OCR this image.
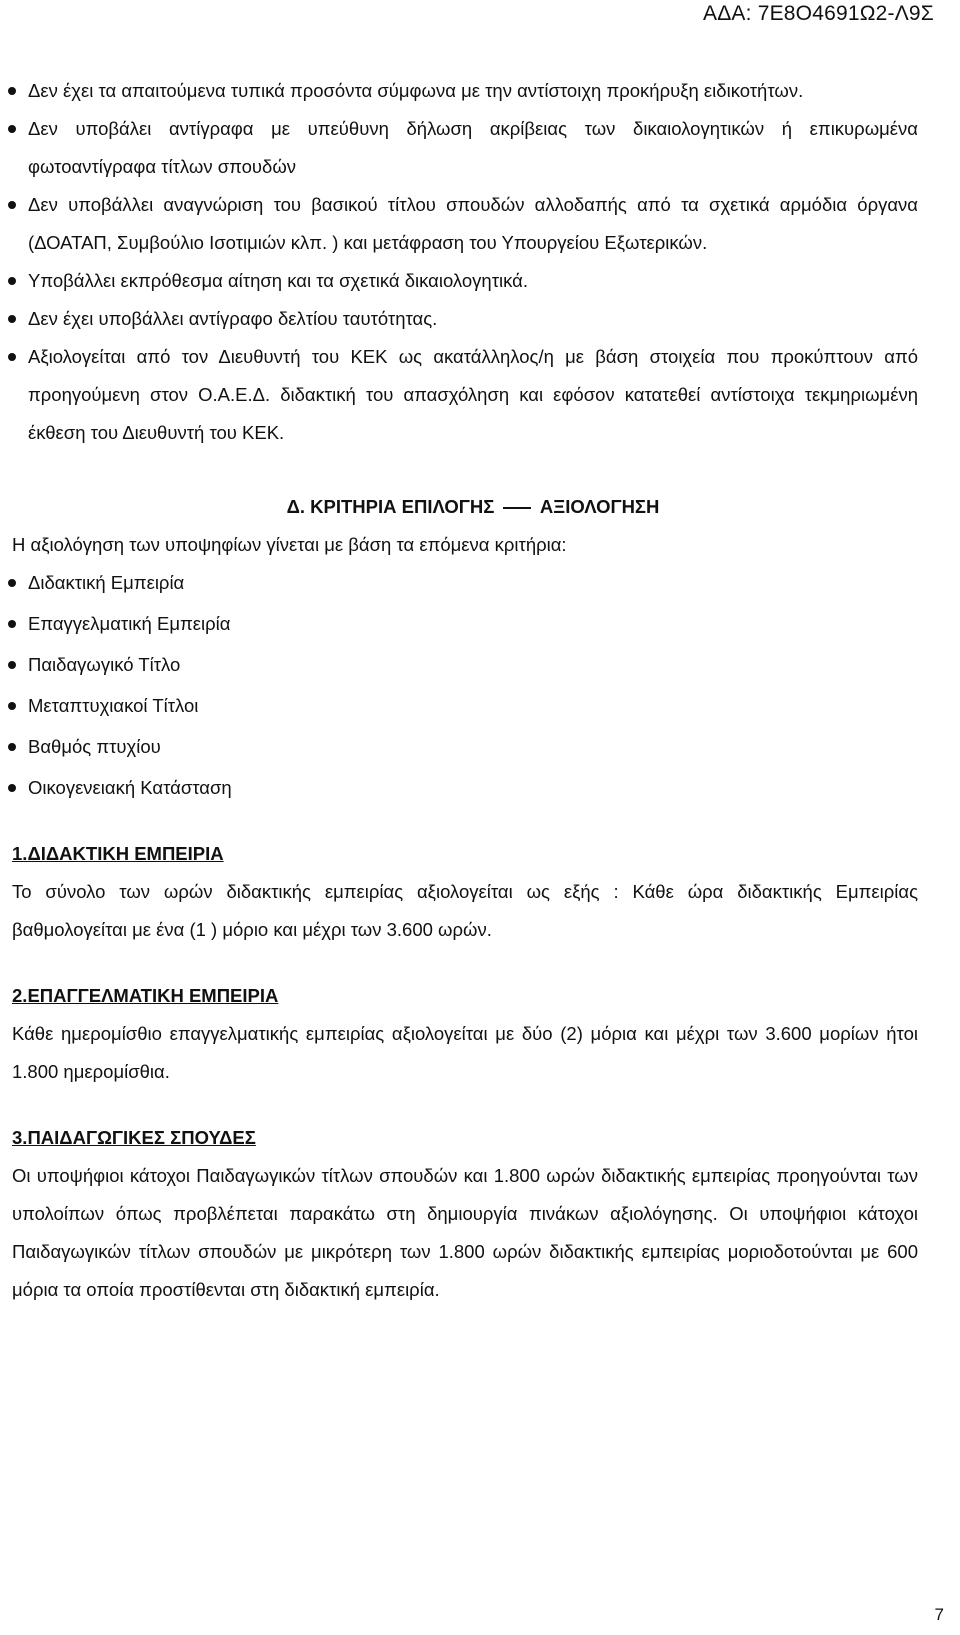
ΑΔΑ: 7Ε8Ο4691Ω2-Λ9Σ
Δεν έχει τα απαιτούμενα τυπικά προσόντα σύμφωνα με την αντίστοιχη προκήρυξη ειδικοτήτων.
Δεν υποβάλει αντίγραφα με υπεύθυνη δήλωση ακρίβειας των δικαιολογητικών ή επικυρωμένα φωτοαντίγραφα τίτλων σπουδών
Δεν υποβάλλει αναγνώριση του βασικού τίτλου σπουδών αλλοδαπής από τα σχετικά αρμόδια όργανα (ΔΟΑΤΑΠ, Συμβούλιο Ισοτιμιών κλπ. ) και μετάφραση του Υπουργείου Εξωτερικών.
Υποβάλλει εκπρόθεσμα αίτηση και τα σχετικά δικαιολογητικά.
Δεν έχει υποβάλλει αντίγραφο δελτίου ταυτότητας.
Αξιολογείται από τον Διευθυντή του ΚΕΚ ως ακατάλληλος/η με βάση στοιχεία που προκύπτουν από προηγούμενη στον Ο.Α.Ε.Δ. διδακτική του απασχόληση και εφόσον κατατεθεί αντίστοιχα τεκμηριωμένη έκθεση του Διευθυντή του ΚΕΚ.
Δ. ΚΡΙΤΗΡΙΑ ΕΠΙΛΟΓΗΣ ΑΞΙΟΛΟΓΗΣΗ

Η αξιολόγηση των υποψηφίων γίνεται με βάση τα επόμενα κριτήρια:

Διδακτική Εμπειρία
Επαγγελματική Εμπειρία
Παιδαγωγικό Τίτλο
Μεταπτυχιακοί Τίτλοι
Βαθμός πτυχίου
Οικογενειακή Κατάσταση
1.ΔΙΔΑΚΤΙΚΗ ΕΜΠΕΙΡΙΑ

Το σύνολο των ωρών διδακτικής εμπειρίας αξιολογείται ως εξής : Κάθε ώρα διδακτικής Εμπειρίας βαθμολογείται με ένα (1 ) μόριο και μέχρι των 3.600 ωρών.

2.ΕΠΑΓΓΕΛΜΑΤΙΚΗ ΕΜΠΕΙΡΙΑ

Κάθε ημερομίσθιο επαγγελματικής εμπειρίας αξιολογείται με δύο (2) μόρια και μέχρι των 3.600 μορίων ήτοι 1.800 ημερομίσθια.

3.ΠΑΙΔΑΓΩΓΙΚΕΣ ΣΠΟΥΔΕΣ

Οι υποψήφιοι κάτοχοι Παιδαγωγικών τίτλων σπουδών και 1.800 ωρών διδακτικής εμπειρίας προηγούνται των υπολοίπων όπως προβλέπεται παρακάτω στη δημιουργία πινάκων αξιολόγησης. Οι υποψήφιοι κάτοχοι Παιδαγωγικών τίτλων σπουδών με μικρότερη των 1.800 ωρών διδακτικής εμπειρίας μοριοδοτούνται με 600 μόρια τα οποία προστίθενται στη διδακτική εμπειρία.

7
